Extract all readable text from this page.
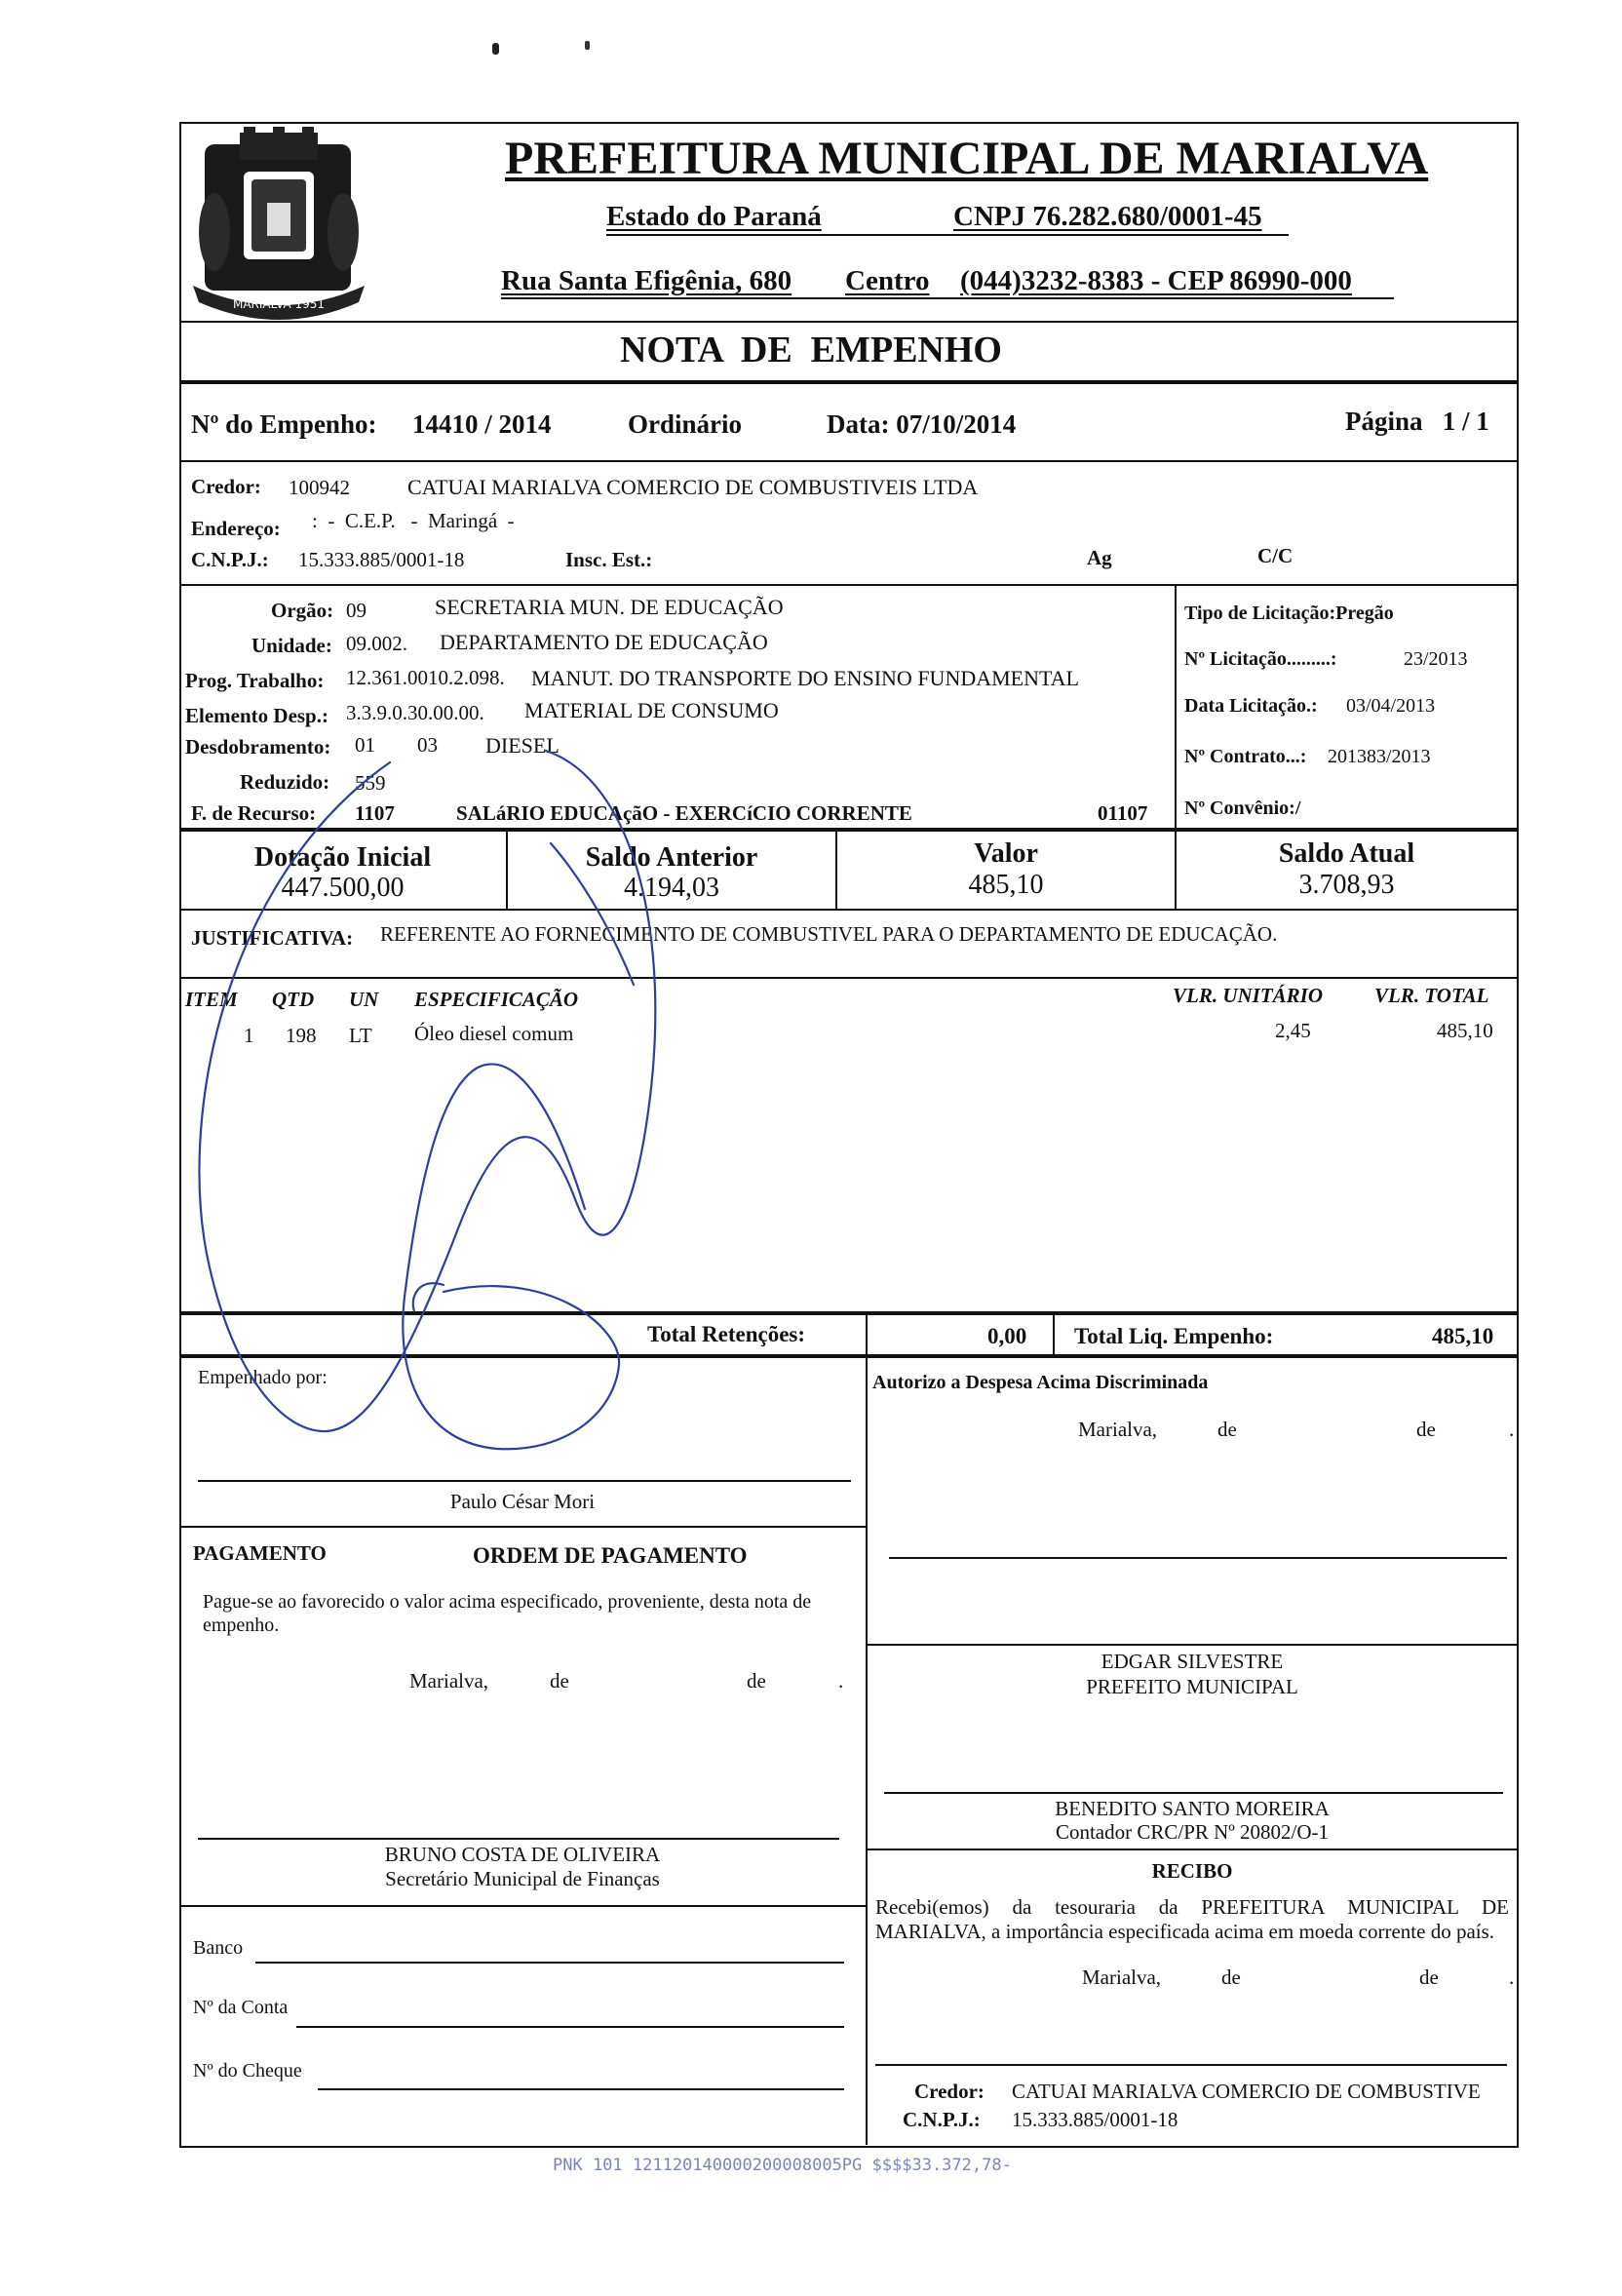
MARIALVA 1951
PREFEITURA MUNICIPAL DE MARIALVA
Estado do Paraná	CNPJ 76.282.680/0001-45
Rua Santa Efigênia, 680 Centro (044)3232-8383 - CEP 86990-000
NOTA  DE  EMPENHO
Nº do Empenho: 14410 / 2014	Ordinário	Data: 07/10/2014	Página   1 / 1
Credor: 100942	CATUAI MARIALVA COMERCIO DE COMBUSTIVEIS LTDA
Endereço: :  -  C.E.P.   -  Maringá  -
C.N.P.J.: 15.333.885/0001-18	Insc. Est.:	Ag	C/C
Orgão: 09	SECRETARIA MUN. DE EDUCAÇÃO
Unidade: 09.002. DEPARTAMENTO DE EDUCAÇÃO
Prog. Trabalho: 12.361.0010.2.098. MANUT. DO TRANSPORTE DO ENSINO FUNDAMENTAL
Elemento Desp.: 3.3.9.0.30.00.00. MATERIAL DE CONSUMO
Desdobramento: 01 03 DIESEL
Reduzido: 559
F. de Recurso: 1107	SALáRIO EDUCAçãO - EXERCíCIO CORRENTE	01107
Tipo de Licitação:Pregão
Nº Licitação.........:	23/2013
Data Licitação.: 03/04/2013
Nº Contrato...: 201383/2013
Nº Convênio:/
Dotação Inicial
447.500,00
Saldo Anterior
4.194,03
Valor
485,10
Saldo Atual
3.708,93
JUSTIFICATIVA: REFERENTE AO FORNECIMENTO DE COMBUSTIVEL PARA O DEPARTAMENTO DE EDUCAÇÃO.
ITEM QTD UN ESPECIFICAÇÃO	VLR. UNITÁRIO	VLR. TOTAL
1 198 LT Óleo diesel comum	2,45	485,10
Total Retenções:	0,00 Total Liq. Empenho:	485,10
Empenhado por:
Paulo César Mori
Autorizo a Despesa Acima Discriminada
Marialva,	de	de	.
EDGAR SILVESTRE
PREFEITO MUNICIPAL
BENEDITO SANTO MOREIRA
Contador CRC/PR Nº 20802/O-1
PAGAMENTO	ORDEM DE PAGAMENTO
Pague-se ao favorecido o valor acima especificado, proveniente, desta nota de empenho.
Marialva,	de	de	.
BRUNO COSTA DE OLIVEIRA
Secretário Municipal de Finanças
Banco
Nº da Conta
Nº do Cheque
RECIBO
Recebi(emos) da tesouraria da PREFEITURA MUNICIPAL DE MARIALVA, a importância especificada acima em moeda corrente do país.
Marialva,	de	de	.
Credor: CATUAI MARIALVA COMERCIO DE COMBUSTIVE
C.N.P.J.: 15.333.885/0001-18
PNK 101 121120140000200008005PG $$$$33.372,78-
